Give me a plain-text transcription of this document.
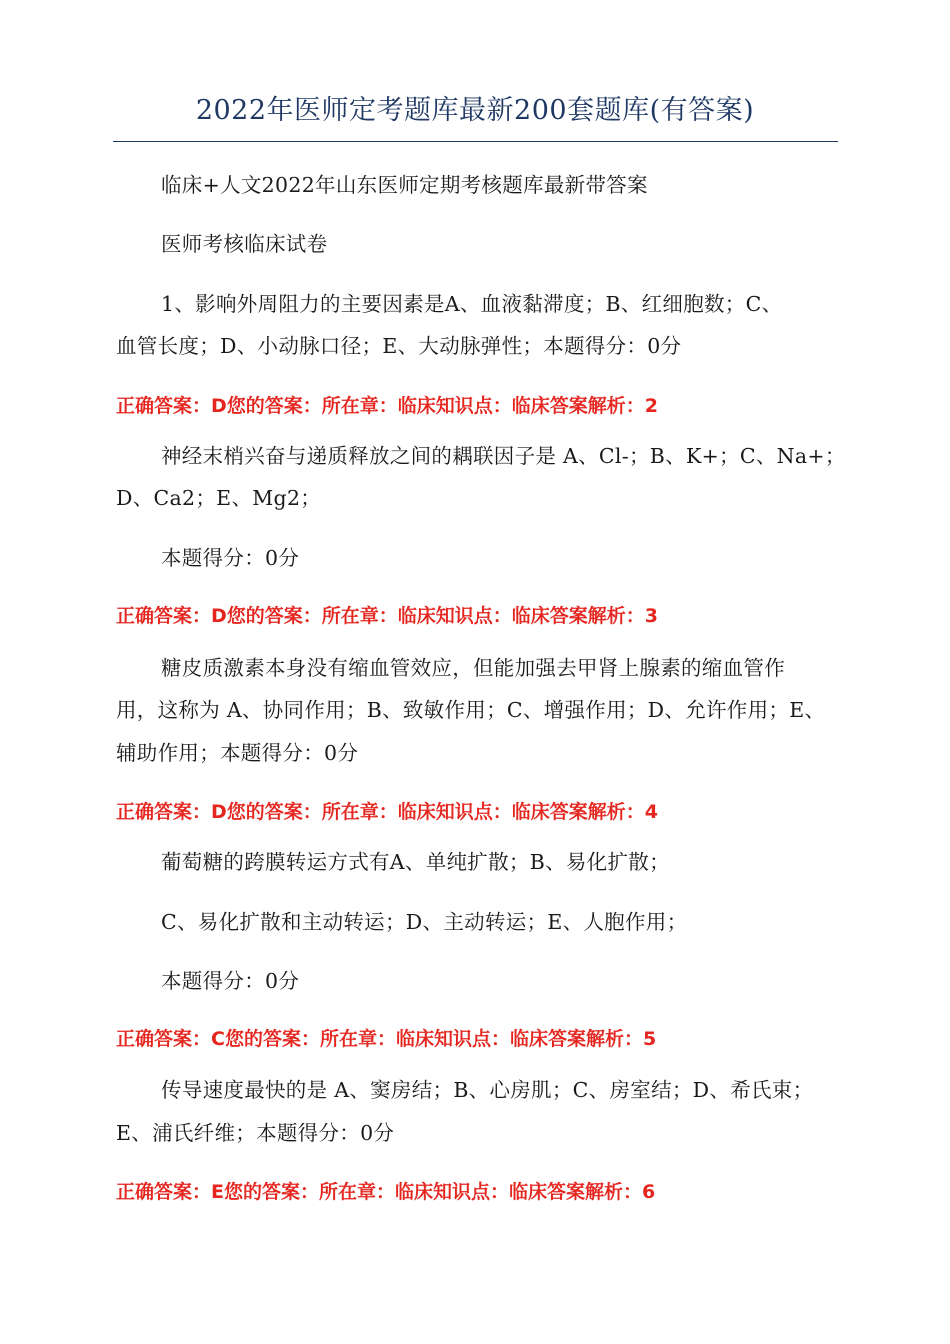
2022年医师定考题库最新200套题库(有答案)
临床+人文2022年山东医师定期考核题库最新带答案
医师考核临床试卷
1、影响外周阻力的主要因素是A、血液黏滞度；B、红细胞数；C、
血管长度；D、小动脉口径；E、大动脉弹性；本题得分：0分
正确答案：D您的答案：所在章：临床知识点：临床答案解析：2
神经末梢兴奋与递质释放之间的耦联因子是 A、Cl-；B、K+；C、Na+；
D、Ca2；E、Mg2；
本题得分：0分
正确答案：D您的答案：所在章：临床知识点：临床答案解析：3
糖皮质激素本身没有缩血管效应，但能加强去甲肾上腺素的缩血管作
用，这称为 A、协同作用；B、致敏作用；C、增强作用；D、允许作用；E、
辅助作用；本题得分：0分
正确答案：D您的答案：所在章：临床知识点：临床答案解析：4
葡萄糖的跨膜转运方式有A、单纯扩散；B、易化扩散；
C、易化扩散和主动转运；D、主动转运；E、人胞作用；
本题得分：0分
正确答案：C您的答案：所在章：临床知识点：临床答案解析：5
传导速度最快的是 A、窦房结；B、心房肌；C、房室结；D、希氏束；
E、浦氏纤维；本题得分：0分
正确答案：E您的答案：所在章：临床知识点：临床答案解析：6
